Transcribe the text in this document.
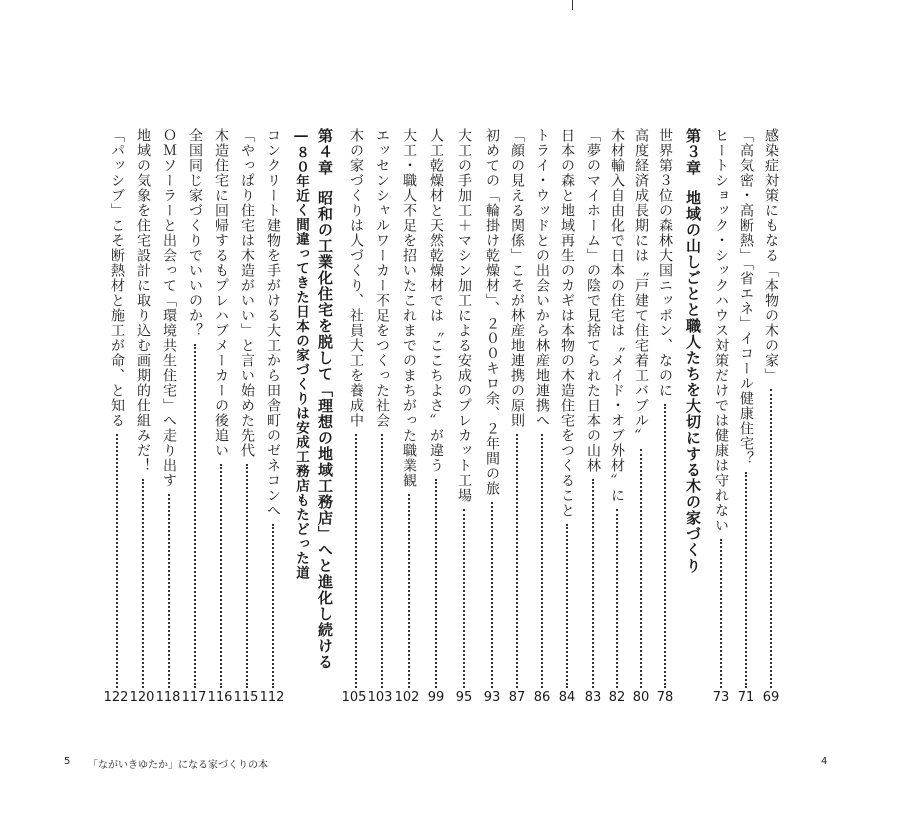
感染症対策にもなる「本物の木の家」
「高気密・高断熱」「省エネ」イコール健康住宅？
ヒートショック・シックハウス対策だけでは健康は守れない
第３章地域の山しごとと職人たちを大切にする木の家づくり
世界第３位の森林大国ニッポン、なのに
高度経済成長期には〝戸建て住宅着工バブル〟
木材輸入自由化で日本の住宅は〝メイド・オブ外材〟に
「夢のマイホーム」の陰で見捨てられた日本の山林
日本の森と地域再生のカギは本物の木造住宅をつくること
トライ・ウッドとの出会いから林産地連携へ
「顔の見える関係」こそが林産地連携の原則
初めての「輪掛け乾燥材」、２００キロ余、２年間の旅
大工の手加工＋マシン加工による安成のプレカット工場
人工乾燥材と天然乾燥材では〝ここちよさ〟が違う
大工・職人不足を招いたこれまでのまちがった職業観
エッセンシャルワーカー不足をつくった社会
木の家づくりは人づくり、社員大工を養成中
第４章昭和の工業化住宅を脱して「理想の地域工務店」へと進化し続ける
―８０年近く間違ってきた日本の家づくりは安成工務店もたどった道
コンクリート建物を手がける大工から田舎町のゼネコンへ
「やっぱり住宅は木造がいい」と言い始めた先代
木造住宅に回帰するもプレハブメーカーの後追い
全国同じ家づくりでいいのか？
ＯＭソーラーと出会って「環境共生住宅」へ走り出す
地域の気象を住宅設計に取り込む画期的仕組みだ！
「パッシブ」こそ断熱材と施工が命、と知る
69
71
73
78
80
82
83
84
86
87
93
95
99
102
103
105
112
115
116
117
118
120
122
5 「ながいきゆたか」になる家づくりの本	4
